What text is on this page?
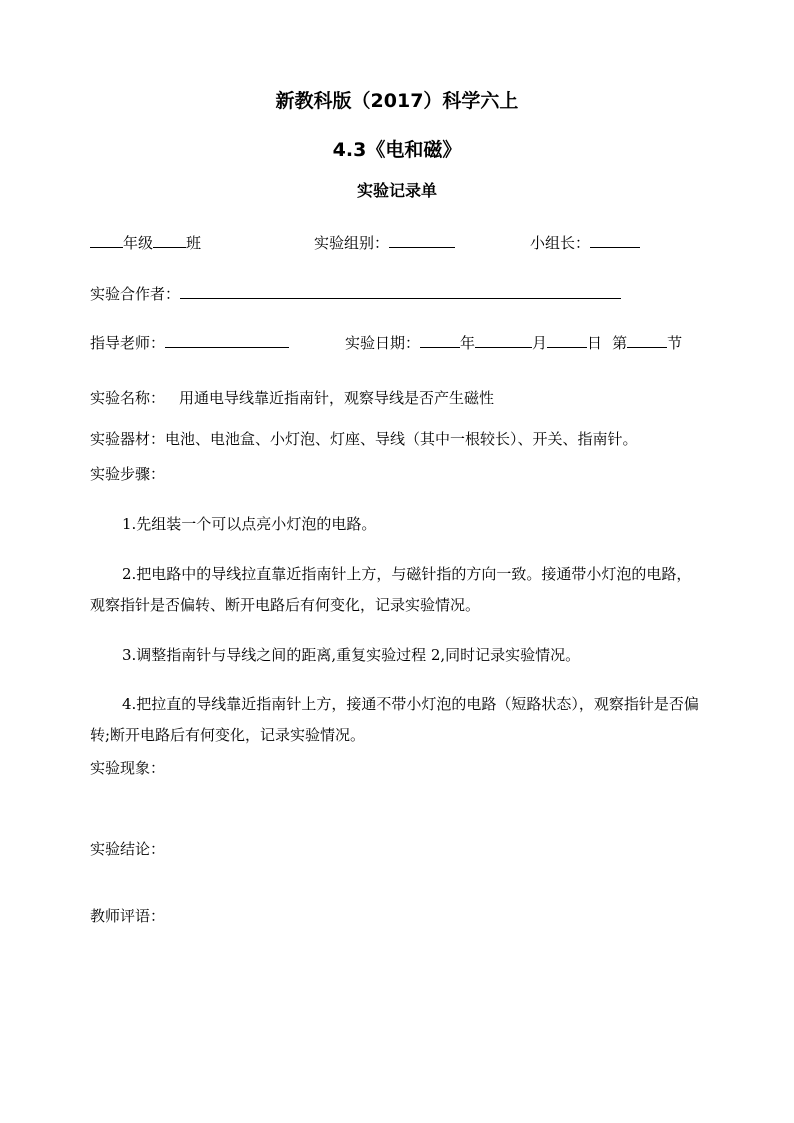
新教科版（2017）科学六上
4.3《电和磁》
实验记录单
年级 班	实验组别：	小组长：
实验合作者：
指导老师：	实验日期：	年	月	日 第	节
实验名称： 用通电导线靠近指南针，观察导线是否产生磁性
实验器材：电池、电池盒、小灯泡、灯座、导线（其中一根较长）、开关、指南针。
实验步骤：
1.先组装一个可以点亮小灯泡的电路。
2.把电路中的导线拉直靠近指南针上方，与磁针指的方向一致。接通带小灯泡的电路，观察指针是否偏转、断开电路后有何变化，记录实验情况。
3.调整指南针与导线之间的距离,重复实验过程 2,同时记录实验情况。
4.把拉直的导线靠近指南针上方，接通不带小灯泡的电路（短路状态），观察指针是否偏转;断开电路后有何变化，记录实验情况。
实验现象：
实验结论：
教师评语：
